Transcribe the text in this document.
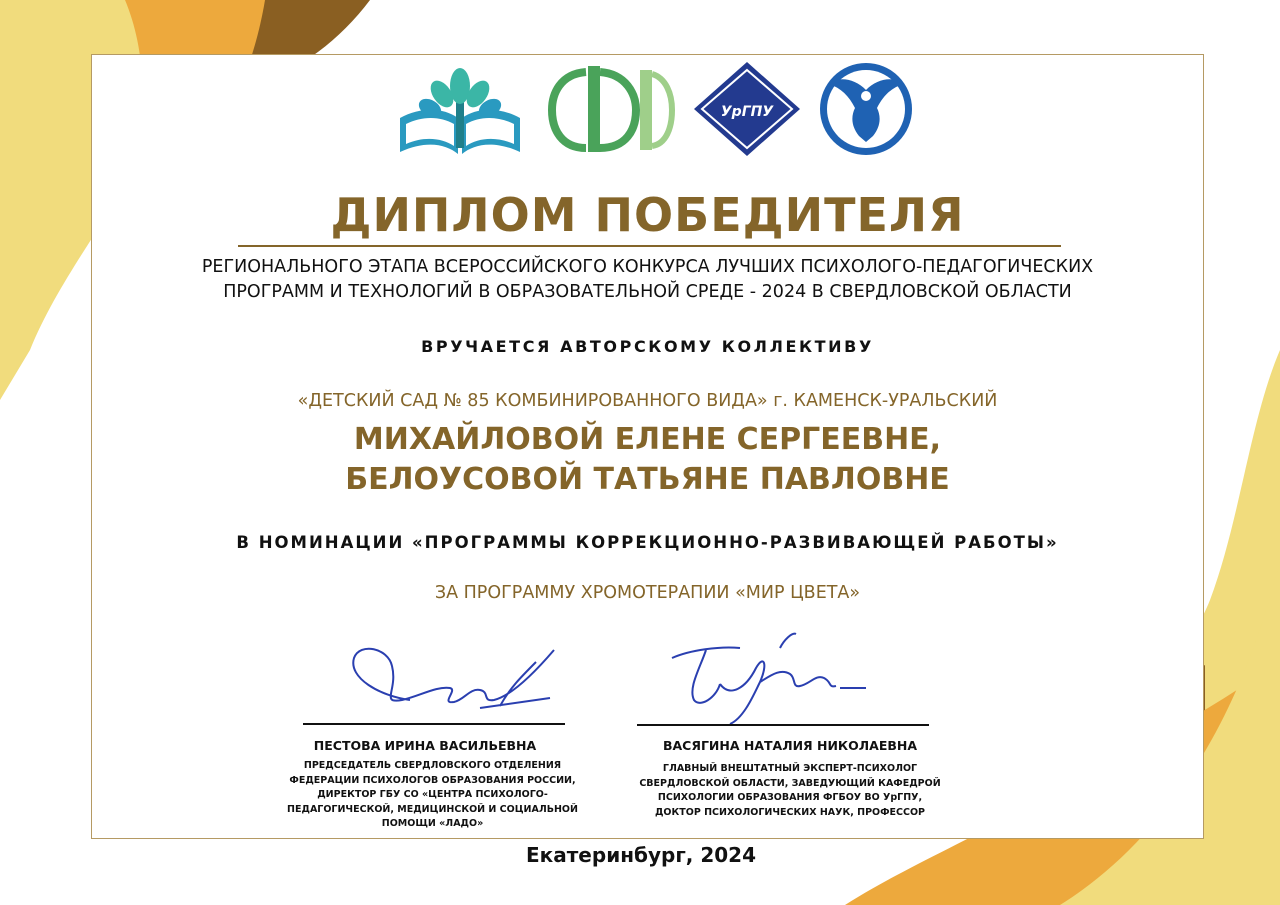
УрГПУ
ДИПЛОМ ПОБЕДИТЕЛЯ
РЕГИОНАЛЬНОГО ЭТАПА ВСЕРОССИЙСКОГО КОНКУРСА ЛУЧШИХ ПСИХОЛОГО-ПЕДАГОГИЧЕСКИХ
ПРОГРАММ И ТЕХНОЛОГИЙ В ОБРАЗОВАТЕЛЬНОЙ СРЕДЕ - 2024 В СВЕРДЛОВСКОЙ ОБЛАСТИ
ВРУЧАЕТСЯ АВТОРСКОМУ КОЛЛЕКТИВУ
«ДЕТСКИЙ САД № 85 КОМБИНИРОВАННОГО ВИДА» г. КАМЕНСК-УРАЛЬСКИЙ
МИХАЙЛОВОЙ ЕЛЕНЕ СЕРГЕЕВНЕ,
БЕЛОУСОВОЙ ТАТЬЯНЕ ПАВЛОВНЕ
В НОМИНАЦИИ «ПРОГРАММЫ КОРРЕКЦИОННО-РАЗВИВАЮЩЕЙ РАБОТЫ»
ЗА ПРОГРАММУ ХРОМОТЕРАПИИ «МИР ЦВЕТА»
ПЕСТОВА ИРИНА ВАСИЛЬЕВНА
ПРЕДСЕДАТЕЛЬ СВЕРДЛОВСКОГО ОТДЕЛЕНИЯ
ФЕДЕРАЦИИ ПСИХОЛОГОВ ОБРАЗОВАНИЯ РОССИИ,
ДИРЕКТОР ГБУ СО «ЦЕНТРА ПСИХОЛОГО-
ПЕДАГОГИЧЕСКОЙ, МЕДИЦИНСКОЙ И СОЦИАЛЬНОЙ
ПОМОЩИ «ЛАДО»
ВАСЯГИНА НАТАЛИЯ НИКОЛАЕВНА
ГЛАВНЫЙ ВНЕШТАТНЫЙ ЭКСПЕРТ-ПСИХОЛОГ
СВЕРДЛОВСКОЙ ОБЛАСТИ, ЗАВЕДУЮЩИЙ КАФЕДРОЙ
ПСИХОЛОГИИ ОБРАЗОВАНИЯ ФГБОУ ВО УрГПУ,
ДОКТОР ПСИХОЛОГИЧЕСКИХ НАУК, ПРОФЕССОР
Екатеринбург, 2024
